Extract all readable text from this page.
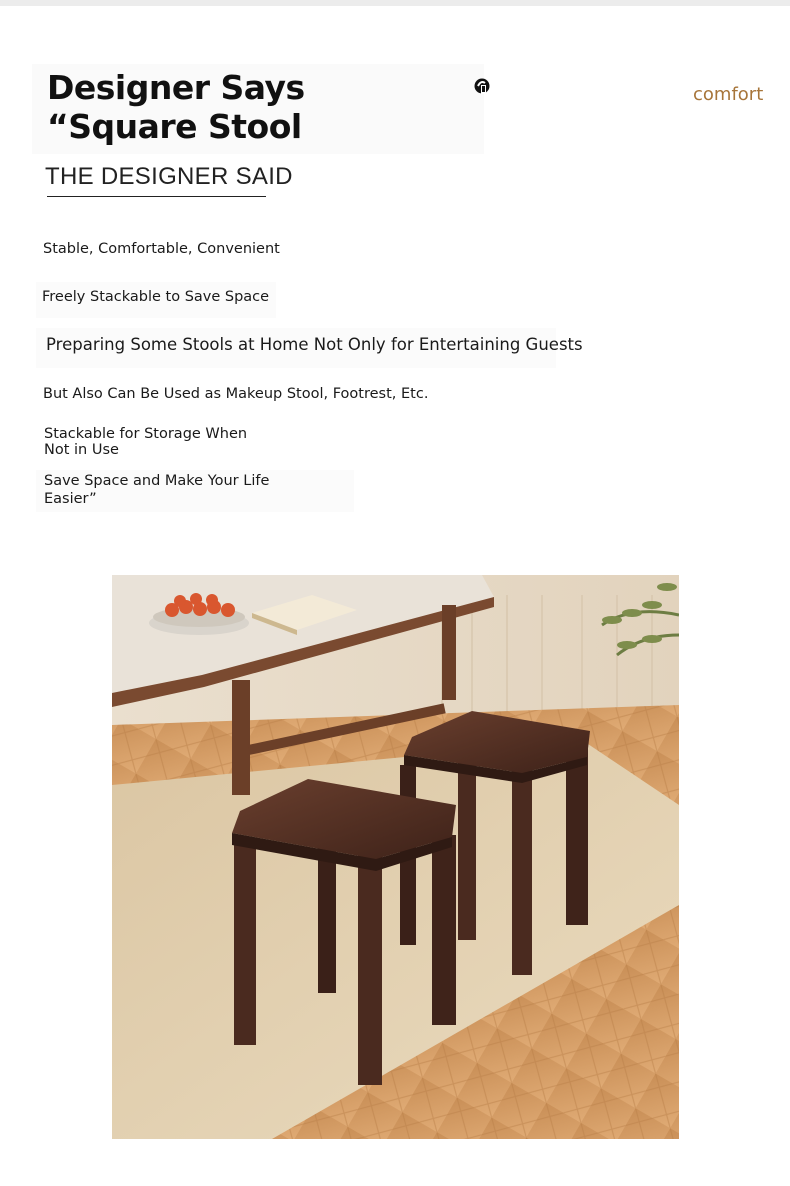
Designer Says “Square Stool
comfort
THE DESIGNER SAID
Stable, Comfortable, Convenient
Freely Stackable to Save Space
Preparing Some Stools at Home Not Only for Entertaining Guests
But Also Can Be Used as Makeup Stool, Footrest, Etc.
Stackable for Storage When Not in Use
Save Space and Make Your Life Easier”
